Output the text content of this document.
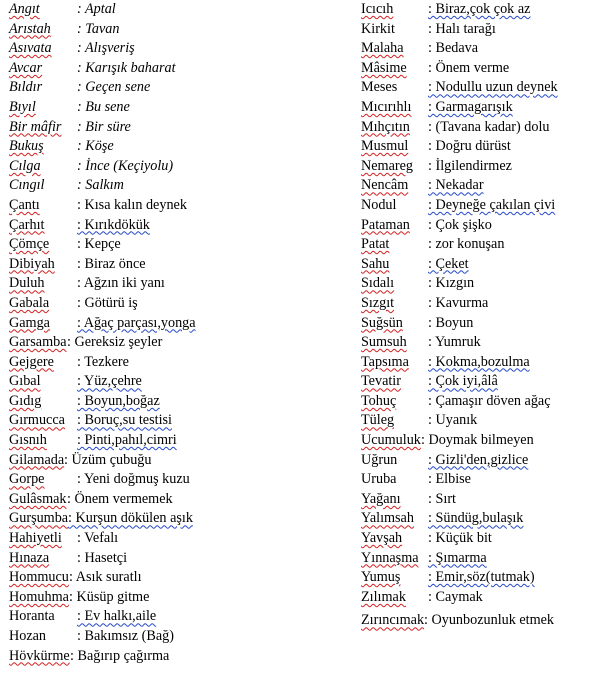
Angıt	: Aptal
Arıstah : Tavan
Asıvata : Alışveriş
Avcar : Karışık baharat
Bıldır : Geçen sene
Bıyıl	: Bu sene
Bir mâfir : Bir süre
Bukuş : Köşe
Cılga	: İnce (Keçiyolu)
Cıngıl : Salkım
Çantı	: Kısa kalın deynek
Çarhıt : Kırıkdökük
Çömçe : Kepçe
Dibiyah : Biraz önce
Duluh : Ağzın iki yanı
Gabala : Götürü iş
Gamga : Ağaç parçası,yonga
Garsamba : Gereksiz şeyler
Gejgere : Tezkere
Gıbal	: Yüz,çehre
Gıdıg	: Boyun,boğaz
Gırmucca : Boruç,su testisi
Gısnıh : Pinti,pahıl,cimri
Gilamada : Üzüm çubuğu
Gorpe : Yeni doğmuş kuzu
Gulâsmak : Önem vermemek
Gurşumba : Kurşun dökülen aşık
Hahiyetli : Vefalı
Hınaza : Hasetçi
Hommucu : Asık suratlı
Homuhma : Küsüp gitme
Horanta : Ev halkı,aile
Hozan : Bakımsız (Bağ)
Hövkürme : Bağırıp çağırma
Icıcıh : Biraz,çok çok az
Kirkit : Halı tarağı
Malaha : Bedava
Mâsime : Önem verme
Meses : Nodullu uzun deynek
Mıcırıhlı : Garmagarışık
Mıhçıtın : (Tavana kadar) dolu
Musmul : Doğru dürüst
Nemareg : İlgilendirmez
Nencâm : Nekadar
Nodul : Deyneğe çakılan çivi
Pataman : Çok şişko
Patat	: zor konuşan
Sahu	: Çeket
Sıdalı : Kızgın
Sızgıt : Kavurma
Suğsün : Boyun
Sumsuh : Yumruk
Tapsıma : Kokma,bozulma
Tevatir : Çok iyi,âlâ
Tohuç : Çamaşır döven ağaç
Tüleg : Uyanık
Ucumuluk : Doymak bilmeyen
Uğrun : Gizli'den,gizlice
Uruba : Elbise
Yağanı : Sırt
Yalımsah : Sündüg,bulaşık
Yavşah : Küçük bit
Yınnaşma : Şımarma
Yumuş : Emir,söz(tutmak)
Zılımak : Caymak
Zırıncımak : Oyunbozunluk etmek
